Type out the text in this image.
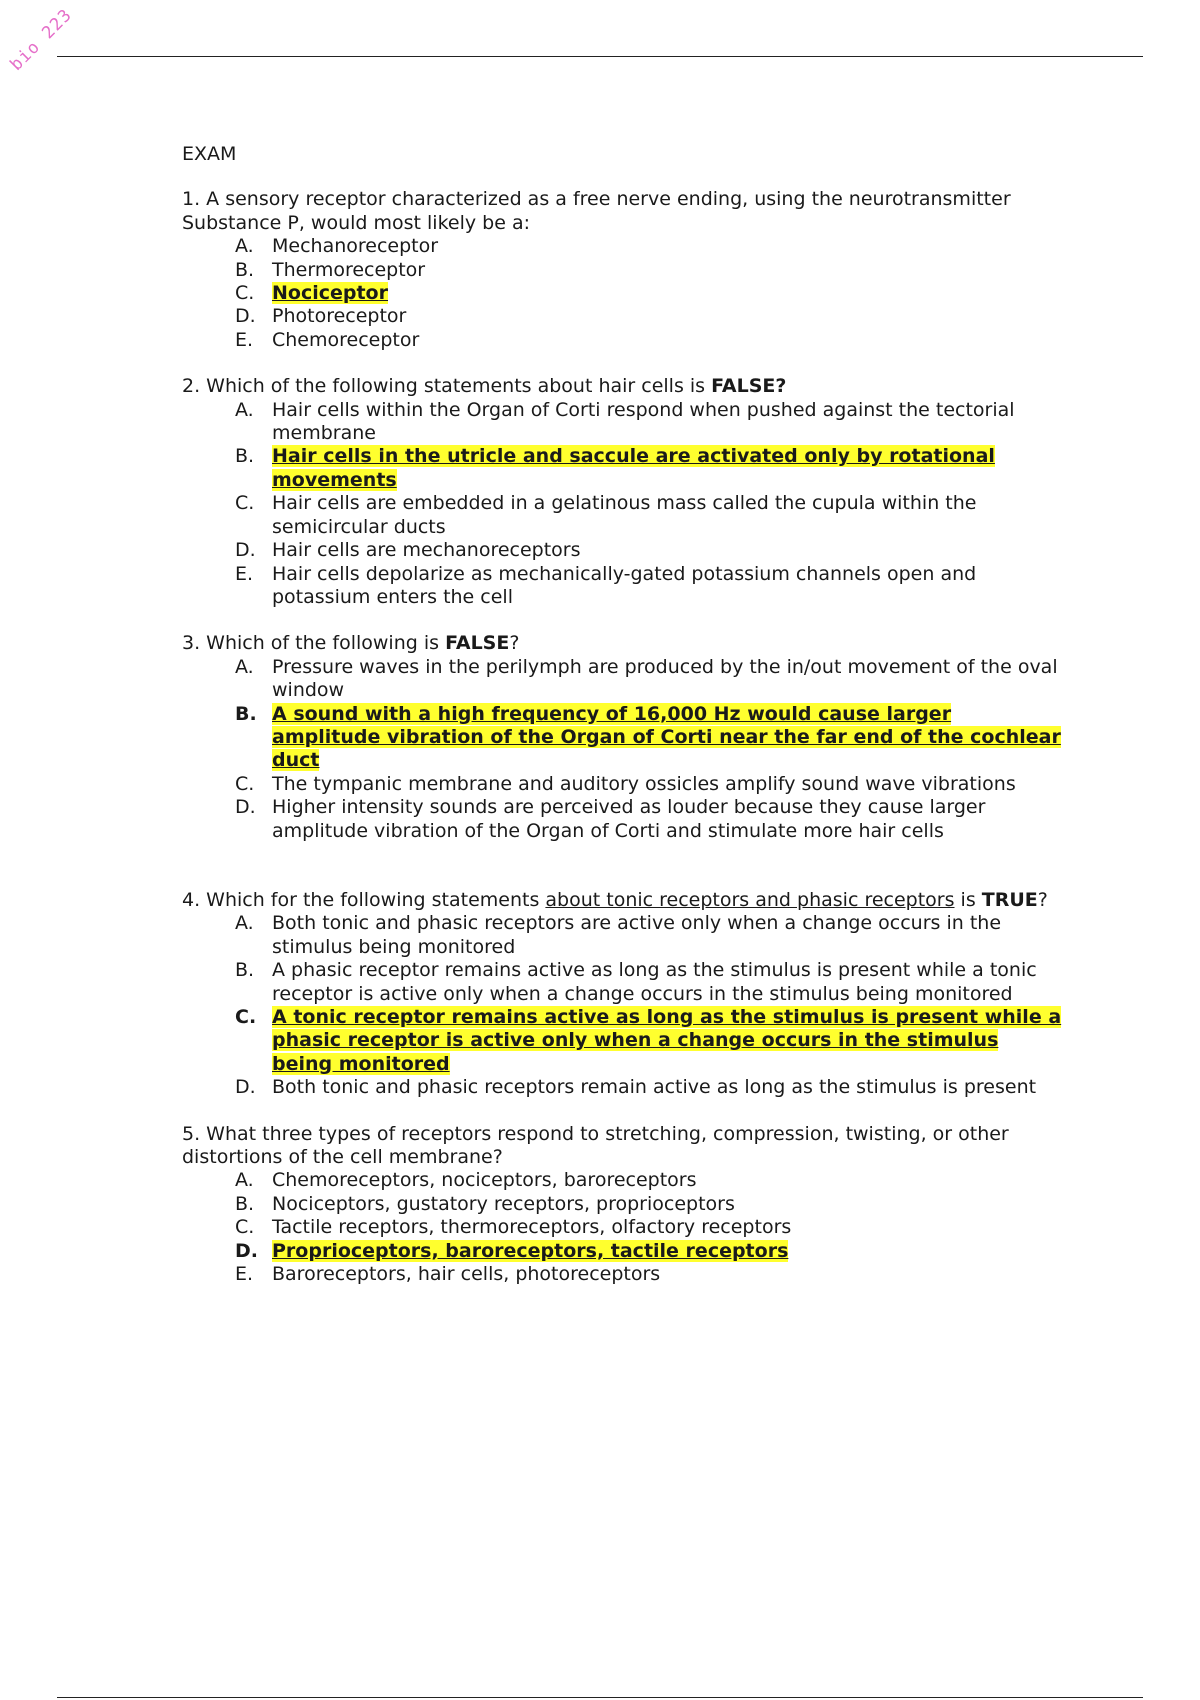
bio 223

EXAM

1. A sensory receptor characterized as a free nerve ending, using the neurotransmitter Substance P, would most likely be a:

A. Mechanoreceptor
B. Thermoreceptor
C. Nociceptor
D. Photoreceptor
E. Chemoreceptor

2. Which of the following statements about hair cells is FALSE?

A. Hair cells within the Organ of Corti respond when pushed against the tectorial membrane
B. Hair cells in the utricle and saccule are activated only by rotational movements
C. Hair cells are embedded in a gelatinous mass called the cupula within the semicircular ducts
D. Hair cells are mechanoreceptors
E. Hair cells depolarize as mechanically-gated potassium channels open and potassium enters the cell

3. Which of the following is FALSE?

A. Pressure waves in the perilymph are produced by the in/out movement of the oval window
B. A sound with a high frequency of 16,000 Hz would cause larger amplitude vibration of the Organ of Corti near the far end of the cochlear duct
C. The tympanic membrane and auditory ossicles amplify sound wave vibrations
D. Higher intensity sounds are perceived as louder because they cause larger amplitude vibration of the Organ of Corti and stimulate more hair cells

4. Which for the following statements about tonic receptors and phasic receptors is TRUE?

A. Both tonic and phasic receptors are active only when a change occurs in the stimulus being monitored
B. A phasic receptor remains active as long as the stimulus is present while a tonic receptor is active only when a change occurs in the stimulus being monitored
C. A tonic receptor remains active as long as the stimulus is present while a phasic receptor is active only when a change occurs in the stimulus being monitored
D. Both tonic and phasic receptors remain active as long as the stimulus is present

5. What three types of receptors respond to stretching, compression, twisting, or other distortions of the cell membrane?

A. Chemoreceptors, nociceptors, baroreceptors
B. Nociceptors, gustatory receptors, proprioceptors
C. Tactile receptors, thermoreceptors, olfactory receptors
D. Proprioceptors, baroreceptors, tactile receptors
E. Baroreceptors, hair cells, photoreceptors
